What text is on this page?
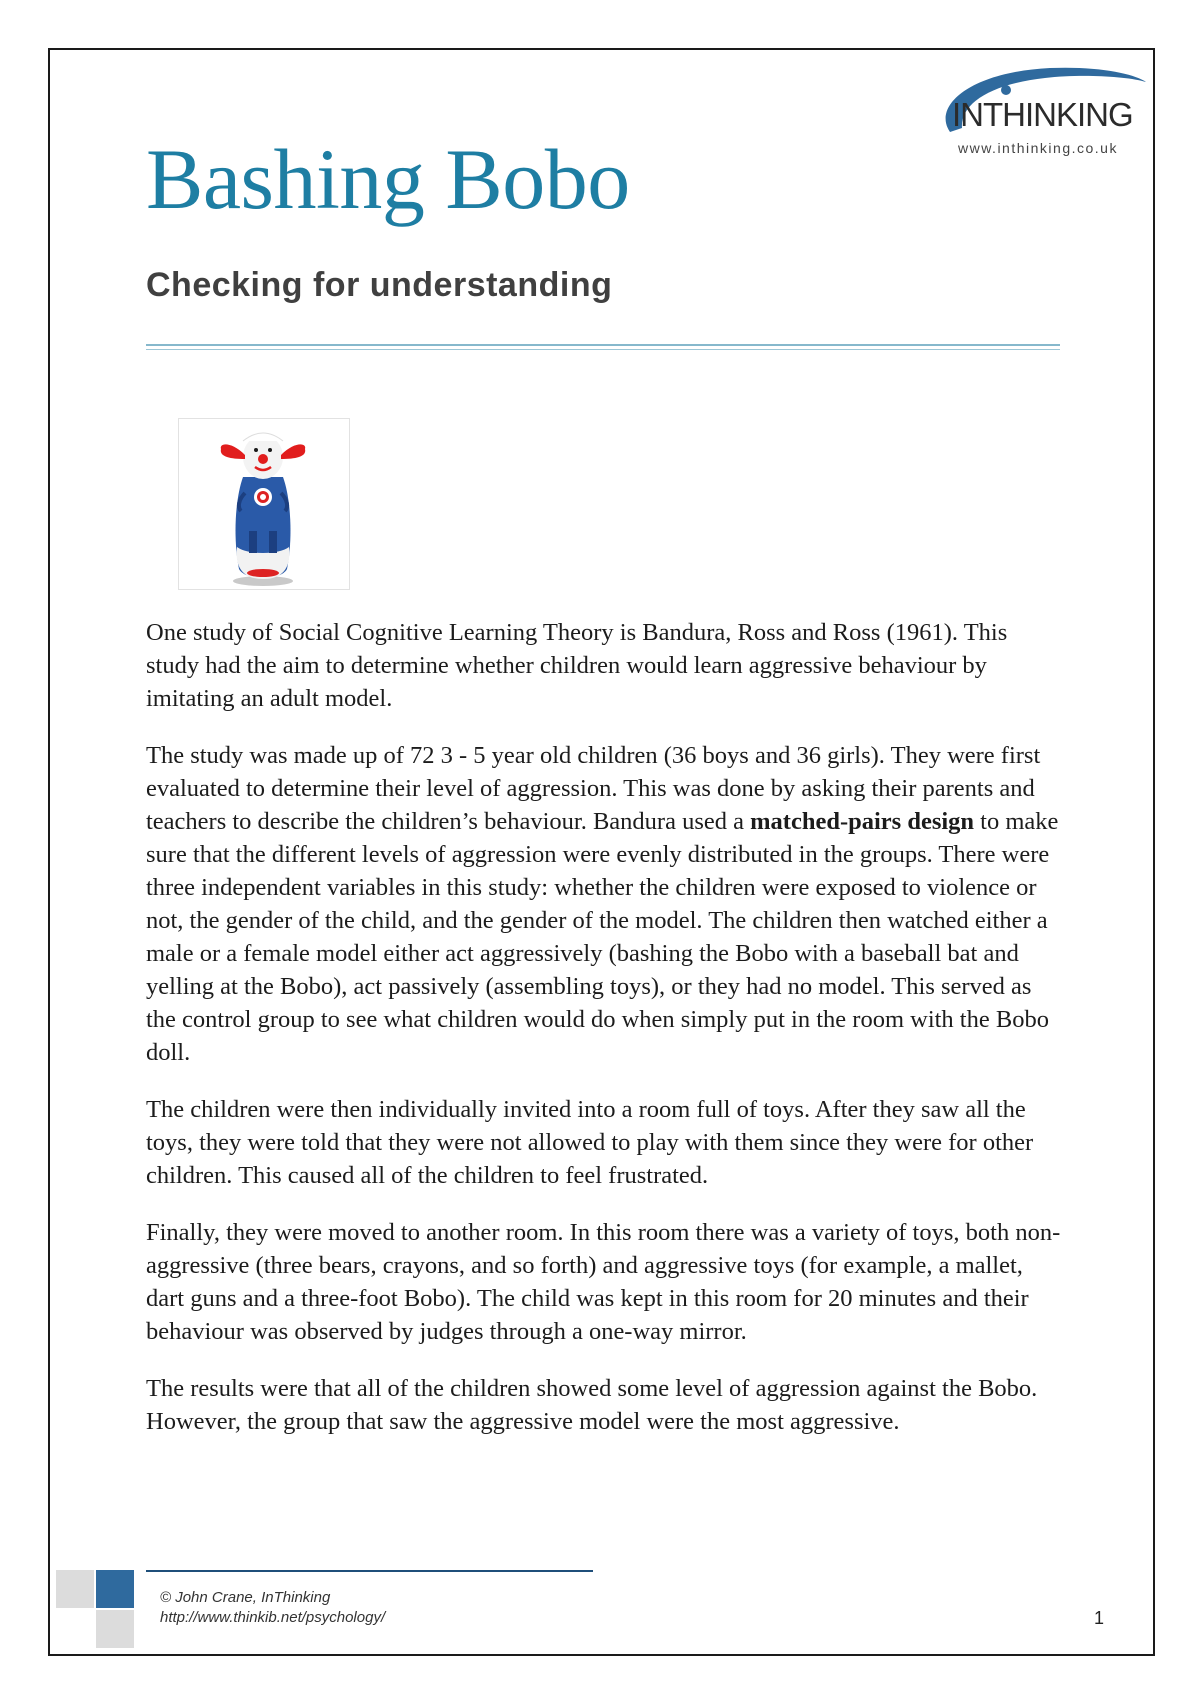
INTHINKING
www.inthinking.co.uk
Bashing Bobo
Checking for understanding

One study of Social Cognitive Learning Theory is Bandura, Ross and Ross (1961). This study had the aim to determine whether children would learn aggressive behaviour by imitating an adult model.

The study was made up of 72 3 - 5 year old children (36 boys and 36 girls). They were first evaluated to determine their level of aggression. This was done by asking their parents and teachers to describe the children’s behaviour. Bandura used a matched-pairs design to make sure that the different levels of aggression were evenly distributed in the groups. There were three independent variables in this study: whether the children were exposed to violence or not, the gender of the child, and the gender of the model. The children then watched either a male or a female model either act aggressively (bashing the Bobo with a baseball bat and yelling at the Bobo), act passively (assembling toys), or they had no model. This served as the control group to see what children would do when simply put in the room with the Bobo doll.

The children were then individually invited into a room full of toys. After they saw all the toys, they were told that they were not allowed to play with them since they were for other children. This caused all of the children to feel frustrated.

Finally, they were moved to another room. In this room there was a variety of toys, both non-aggressive (three bears, crayons, and so forth) and aggressive toys (for example, a mallet, dart guns and a three-foot Bobo). The child was kept in this room for 20 minutes and their behaviour was observed by judges through a one-way mirror.

The results were that all of the children showed some level of aggression against the Bobo. However, the group that saw the aggressive model were the most aggressive.

© John Crane, InThinking
http://www.thinkib.net/psychology/	1
